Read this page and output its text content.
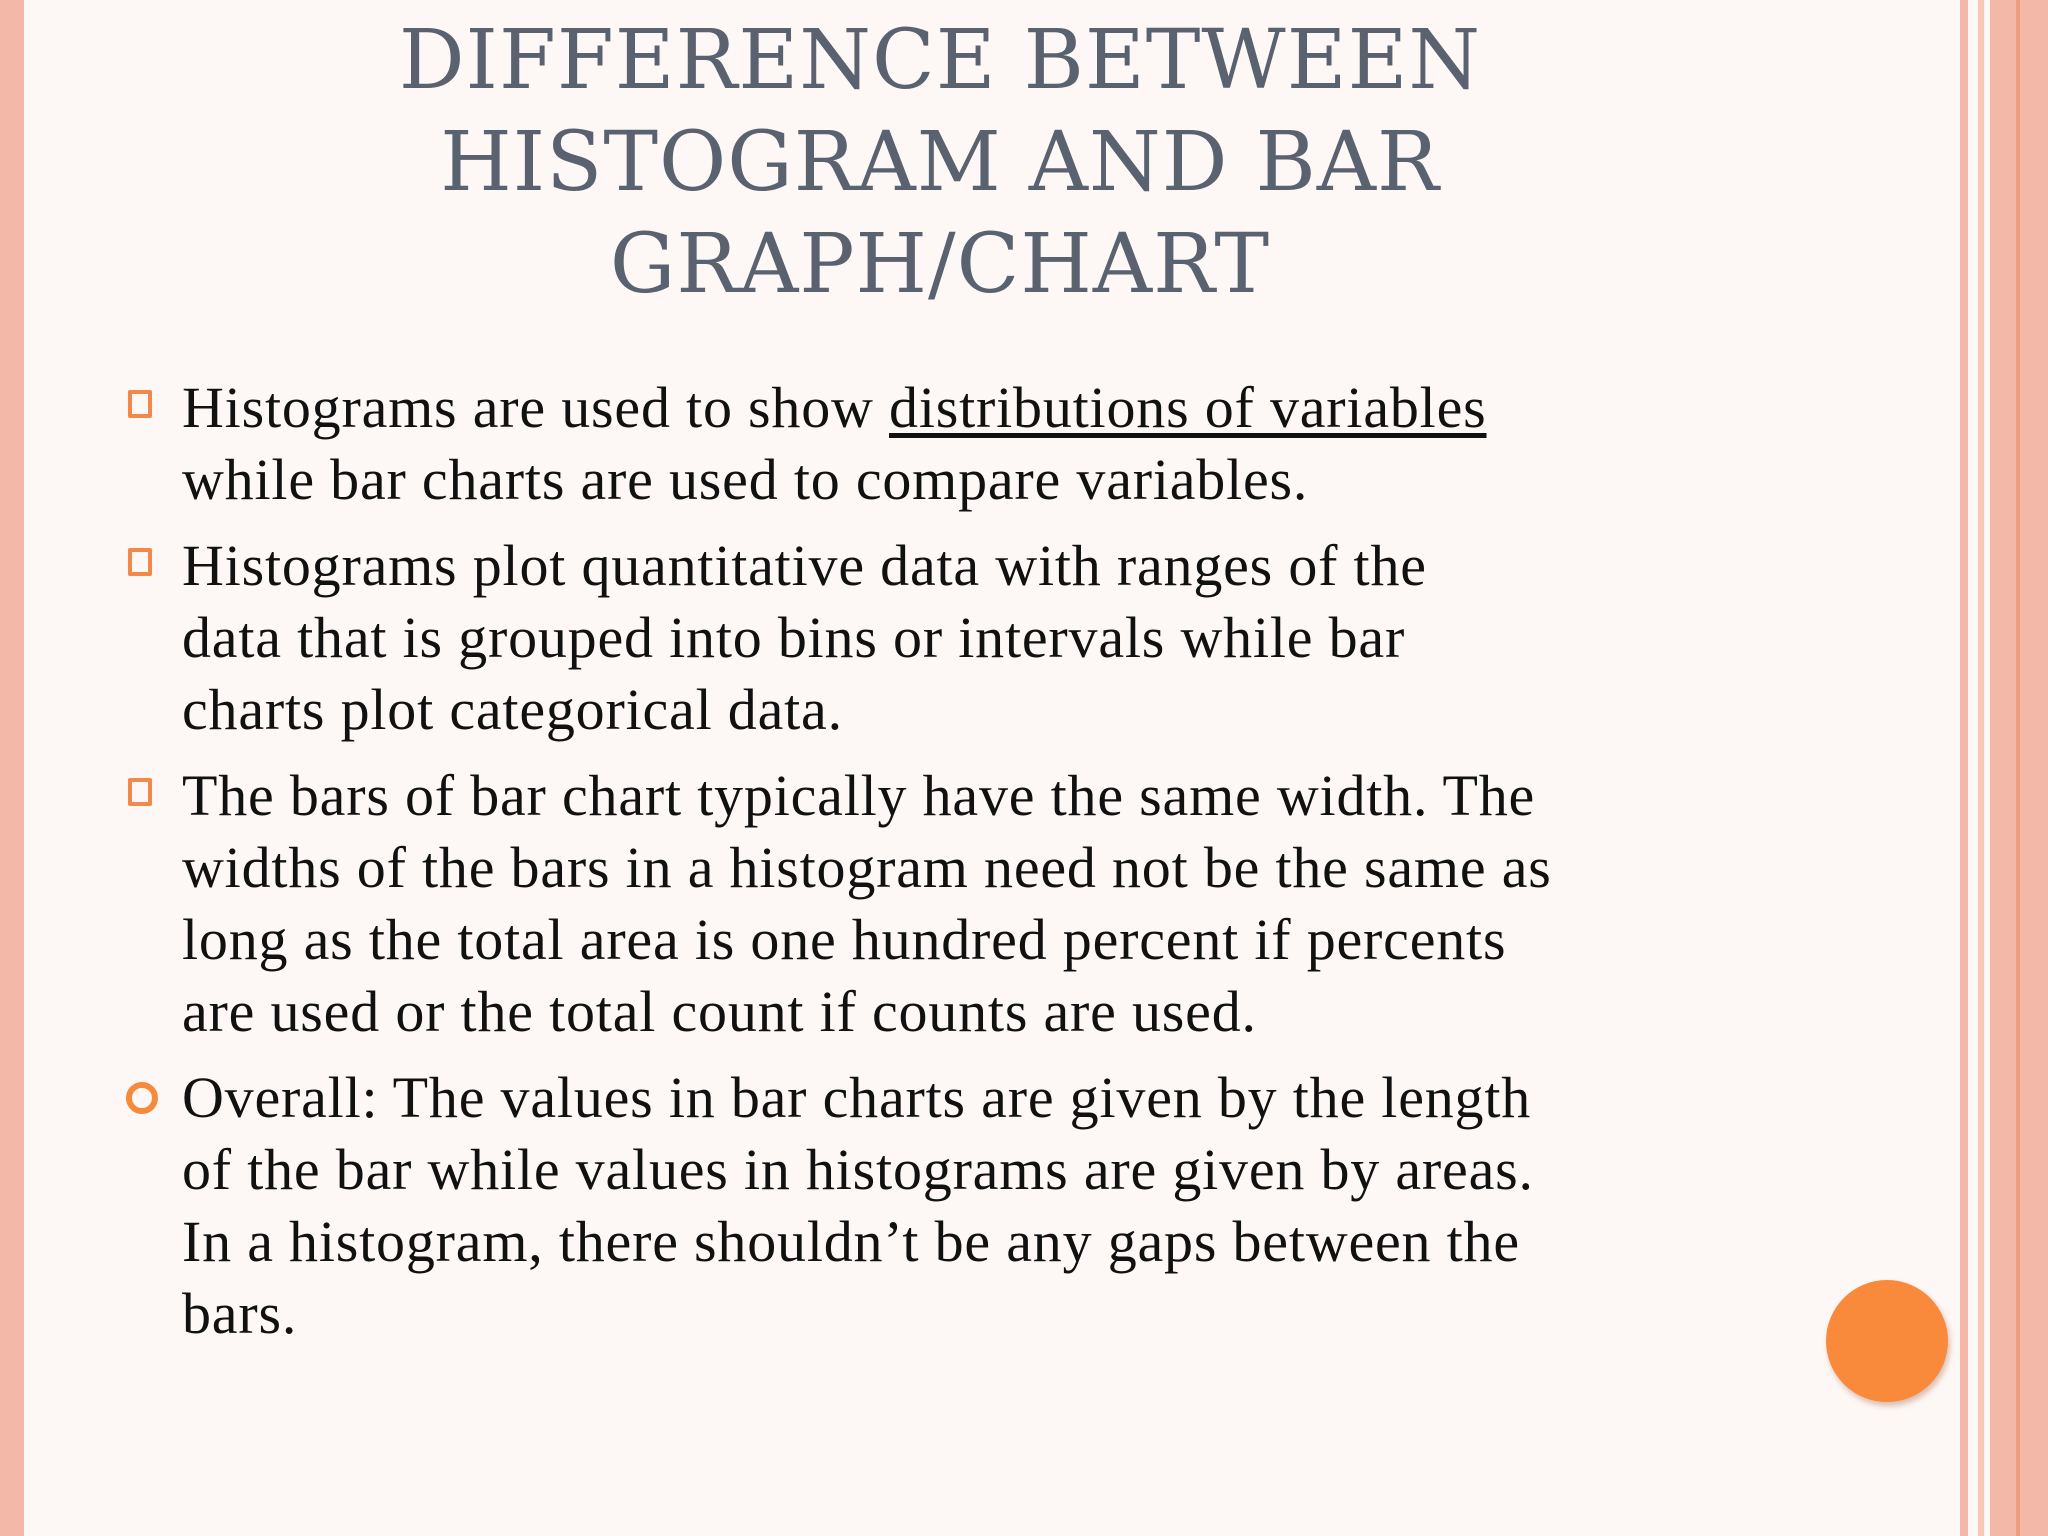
DIFFERENCE BETWEEN
HISTOGRAM AND BAR
GRAPH/CHART
Histograms are used to show distributions of variables
while bar charts are used to compare variables.
Histograms plot quantitative data with ranges of the
data that is grouped into bins or intervals while bar
charts plot categorical data.
The bars of bar chart typically have the same width. The
widths of the bars in a histogram need not be the same as
long as the total area is one hundred percent if percents
are used or the total count if counts are used.
Overall: The values in bar charts are given by the length
of the bar while values in histograms are given by areas.
In a histogram, there shouldn’t be any gaps between the
bars.
